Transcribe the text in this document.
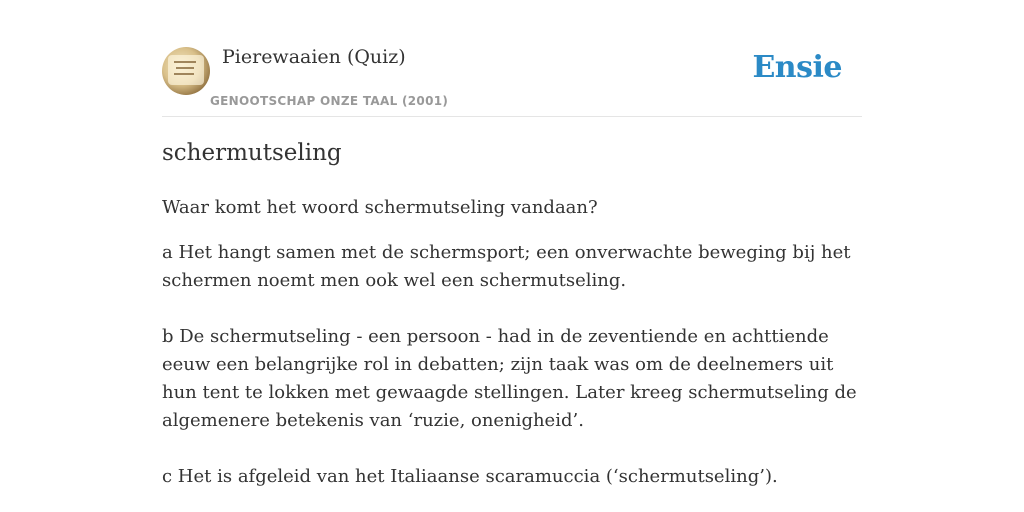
Pierewaaien (Quiz)
GENOOTSCHAP ONZE TAAL (2001)
Ensie
schermutseling

Waar komt het woord schermutseling vandaan?

a Het hangt samen met de schermsport; een onverwachte beweging bij het schermen noemt men ook wel een schermutseling.

b De schermutseling - een persoon - had in de zeventiende en achttiende eeuw een belangrijke rol in debatten; zijn taak was om de deelnemers uit hun tent te lokken met gewaagde stellingen. Later kreeg schermutseling de algemenere betekenis van ‘ruzie, onenigheid’.

c Het is afgeleid van het Italiaanse scaramuccia (‘schermutseling’).
